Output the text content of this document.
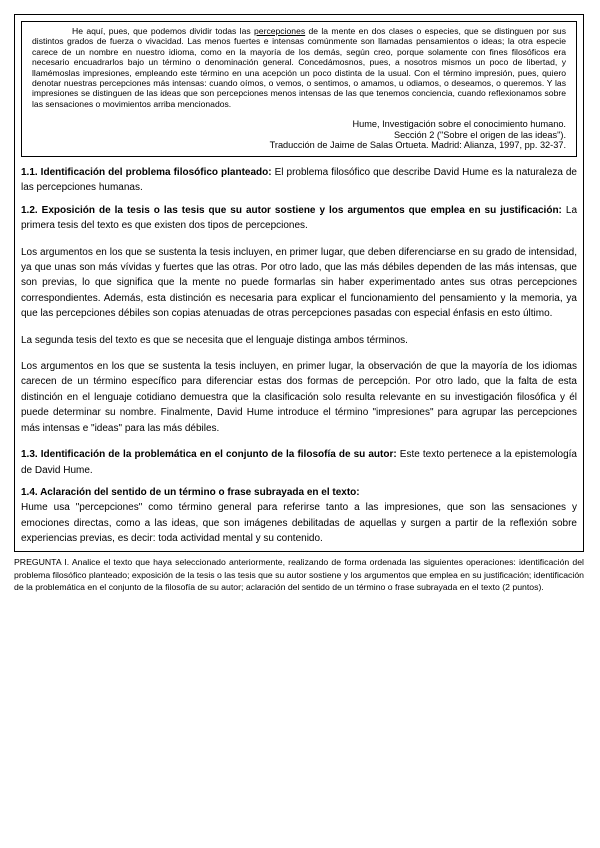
He aquí, pues, que podemos dividir todas las percepciones de la mente en dos clases o especies, que se distinguen por sus distintos grados de fuerza o vivacidad. Las menos fuertes e intensas comúnmente son llamadas pensamientos o ideas; la otra especie carece de un nombre en nuestro idioma, como en la mayoría de los demás, según creo, porque solamente con fines filosóficos era necesario encuadrarlos bajo un término o denominación general. Concedámosnos, pues, a nosotros mismos un poco de libertad, y llamémoslas impresiones, empleando este término en una acepción un poco distinta de la usual. Con el término impresión, pues, quiero denotar nuestras percepciones más intensas: cuando oímos, o vemos, o sentimos, o amamos, u odiamos, o deseamos, o queremos. Y las impresiones se distinguen de las ideas que son percepciones menos intensas de las que tenemos conciencia, cuando reflexionamos sobre las sensaciones o movimientos arriba mencionados.

Hume, Investigación sobre el conocimiento humano.
Sección 2 ("Sobre el origen de las ideas").
Traducción de Jaime de Salas Ortueta. Madrid: Alianza, 1997, pp. 32-37.

1.1. Identificación del problema filosófico planteado: El problema filosófico que describe David Hume es la naturaleza de las percepciones humanas.

1.2. Exposición de la tesis o las tesis que su autor sostiene y los argumentos que emplea en su justificación: La primera tesis del texto es que existen dos tipos de percepciones.

Los argumentos en los que se sustenta la tesis incluyen, en primer lugar, que deben diferenciarse en su grado de intensidad, ya que unas son más vívidas y fuertes que las otras. Por otro lado, que las más débiles dependen de las más intensas, que son previas, lo que significa que la mente no puede formarlas sin haber experimentado antes sus otras percepciones correspondientes. Además, esta distinción es necesaria para explicar el funcionamiento del pensamiento y la memoria, ya que las percepciones débiles son copias atenuadas de otras percepciones pasadas con especial énfasis en esto último.

La segunda tesis del texto es que se necesita que el lenguaje distinga ambos términos.

Los argumentos en los que se sustenta la tesis incluyen, en primer lugar, la observación de que la mayoría de los idiomas carecen de un término específico para diferenciar estas dos formas de percepción. Por otro lado, que la falta de esta distinción en el lenguaje cotidiano demuestra que la clasificación solo resulta relevante en su investigación filosófica y él puede determinar su nombre. Finalmente, David Hume introduce el término "impresiones" para agrupar las percepciones más intensas e "ideas" para las más débiles.

1.3. Identificación de la problemática en el conjunto de la filosofía de su autor: Este texto pertenece a la epistemología de David Hume.

1.4. Aclaración del sentido de un término o frase subrayada en el texto:
Hume usa "percepciones" como término general para referirse tanto a las impresiones, que son las sensaciones y emociones directas, como a las ideas, que son imágenes debilitadas de aquellas y surgen a partir de la reflexión sobre experiencias previas, es decir: toda actividad mental y su contenido.

PREGUNTA I. Analice el texto que haya seleccionado anteriormente, realizando de forma ordenada las siguientes operaciones: identificación del problema filosófico planteado; exposición de la tesis o las tesis que su autor sostiene y los argumentos que emplea en su justificación; identificación de la problemática en el conjunto de la filosofía de su autor; aclaración del sentido de un término o frase subrayada en el texto (2 puntos).
